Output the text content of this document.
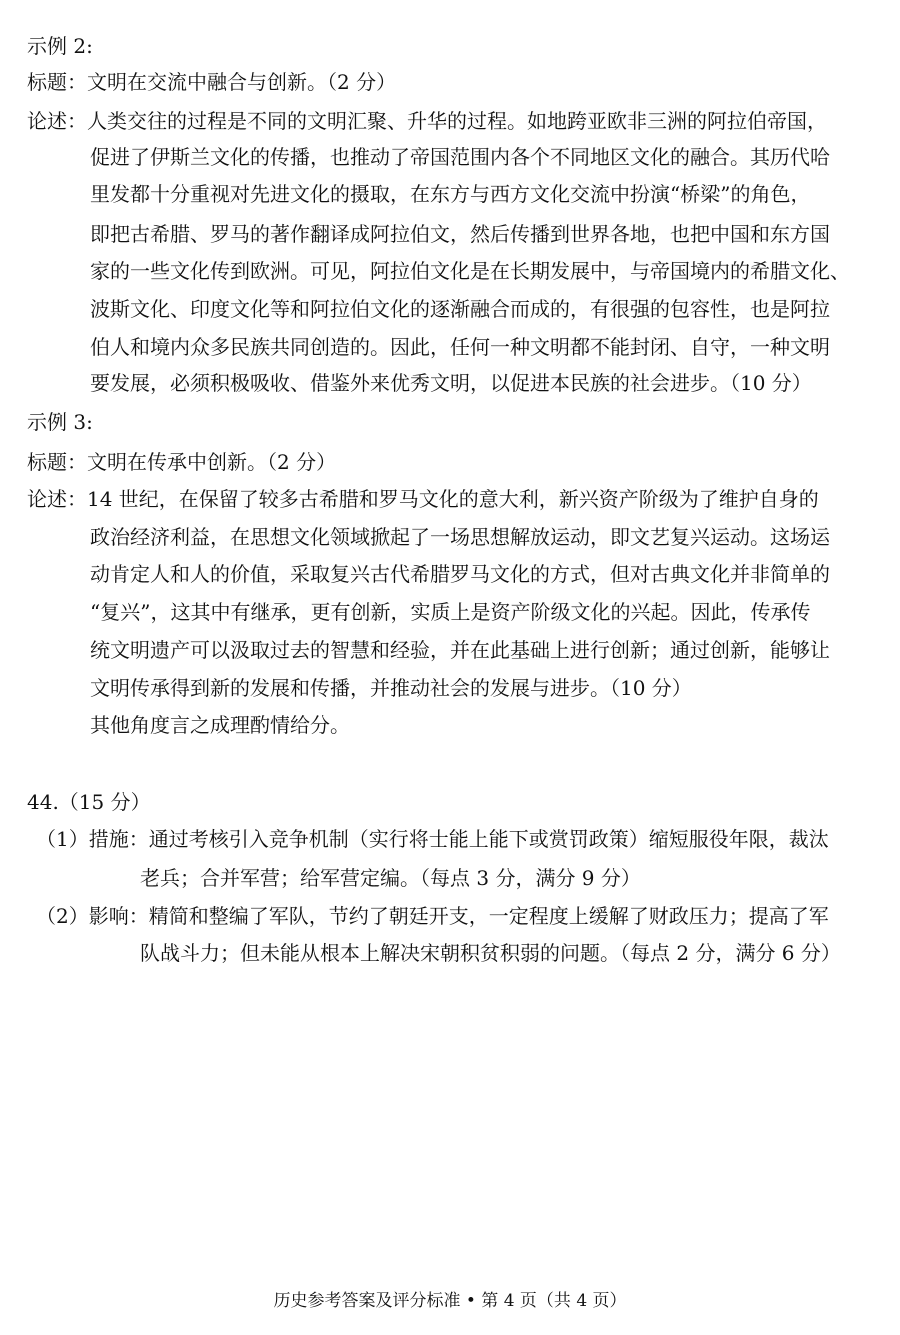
示例 2:
标题：文明在交流中融合与创新。（2 分）
论述：人类交往的过程是不同的文明汇聚、升华的过程。如地跨亚欧非三洲的阿拉伯帝国，
促进了伊斯兰文化的传播，也推动了帝国范围内各个不同地区文化的融合。其历代哈
里发都十分重视对先进文化的摄取，在东方与西方文化交流中扮演“桥梁”的角色，
即把古希腊、罗马的著作翻译成阿拉伯文，然后传播到世界各地，也把中国和东方国
家的一些文化传到欧洲。可见，阿拉伯文化是在长期发展中，与帝国境内的希腊文化、
波斯文化、印度文化等和阿拉伯文化的逐渐融合而成的，有很强的包容性，也是阿拉
伯人和境内众多民族共同创造的。因此，任何一种文明都不能封闭、自守，一种文明
要发展，必须积极吸收、借鉴外来优秀文明，以促进本民族的社会进步。（10 分）
示例 3:
标题：文明在传承中创新。（2 分）
论述：14 世纪，在保留了较多古希腊和罗马文化的意大利，新兴资产阶级为了维护自身的
政治经济利益，在思想文化领域掀起了一场思想解放运动，即文艺复兴运动。这场运
动肯定人和人的价值，采取复兴古代希腊罗马文化的方式，但对古典文化并非简单的
“复兴”，这其中有继承，更有创新，实质上是资产阶级文化的兴起。因此，传承传
统文明遗产可以汲取过去的智慧和经验，并在此基础上进行创新；通过创新，能够让
文明传承得到新的发展和传播，并推动社会的发展与进步。（10 分）
其他角度言之成理酌情给分。
44.（15 分）
（1）措施：通过考核引入竞争机制（实行将士能上能下或赏罚政策）缩短服役年限，裁汰
老兵；合并军营；给军营定编。（每点 3 分，满分 9 分）
（2）影响：精简和整编了军队，节约了朝廷开支，一定程度上缓解了财政压力；提高了军
队战斗力；但未能从根本上解决宋朝积贫积弱的问题。（每点 2 分，满分 6 分）
历史参考答案及评分标准 • 第 4 页（共 4 页）
